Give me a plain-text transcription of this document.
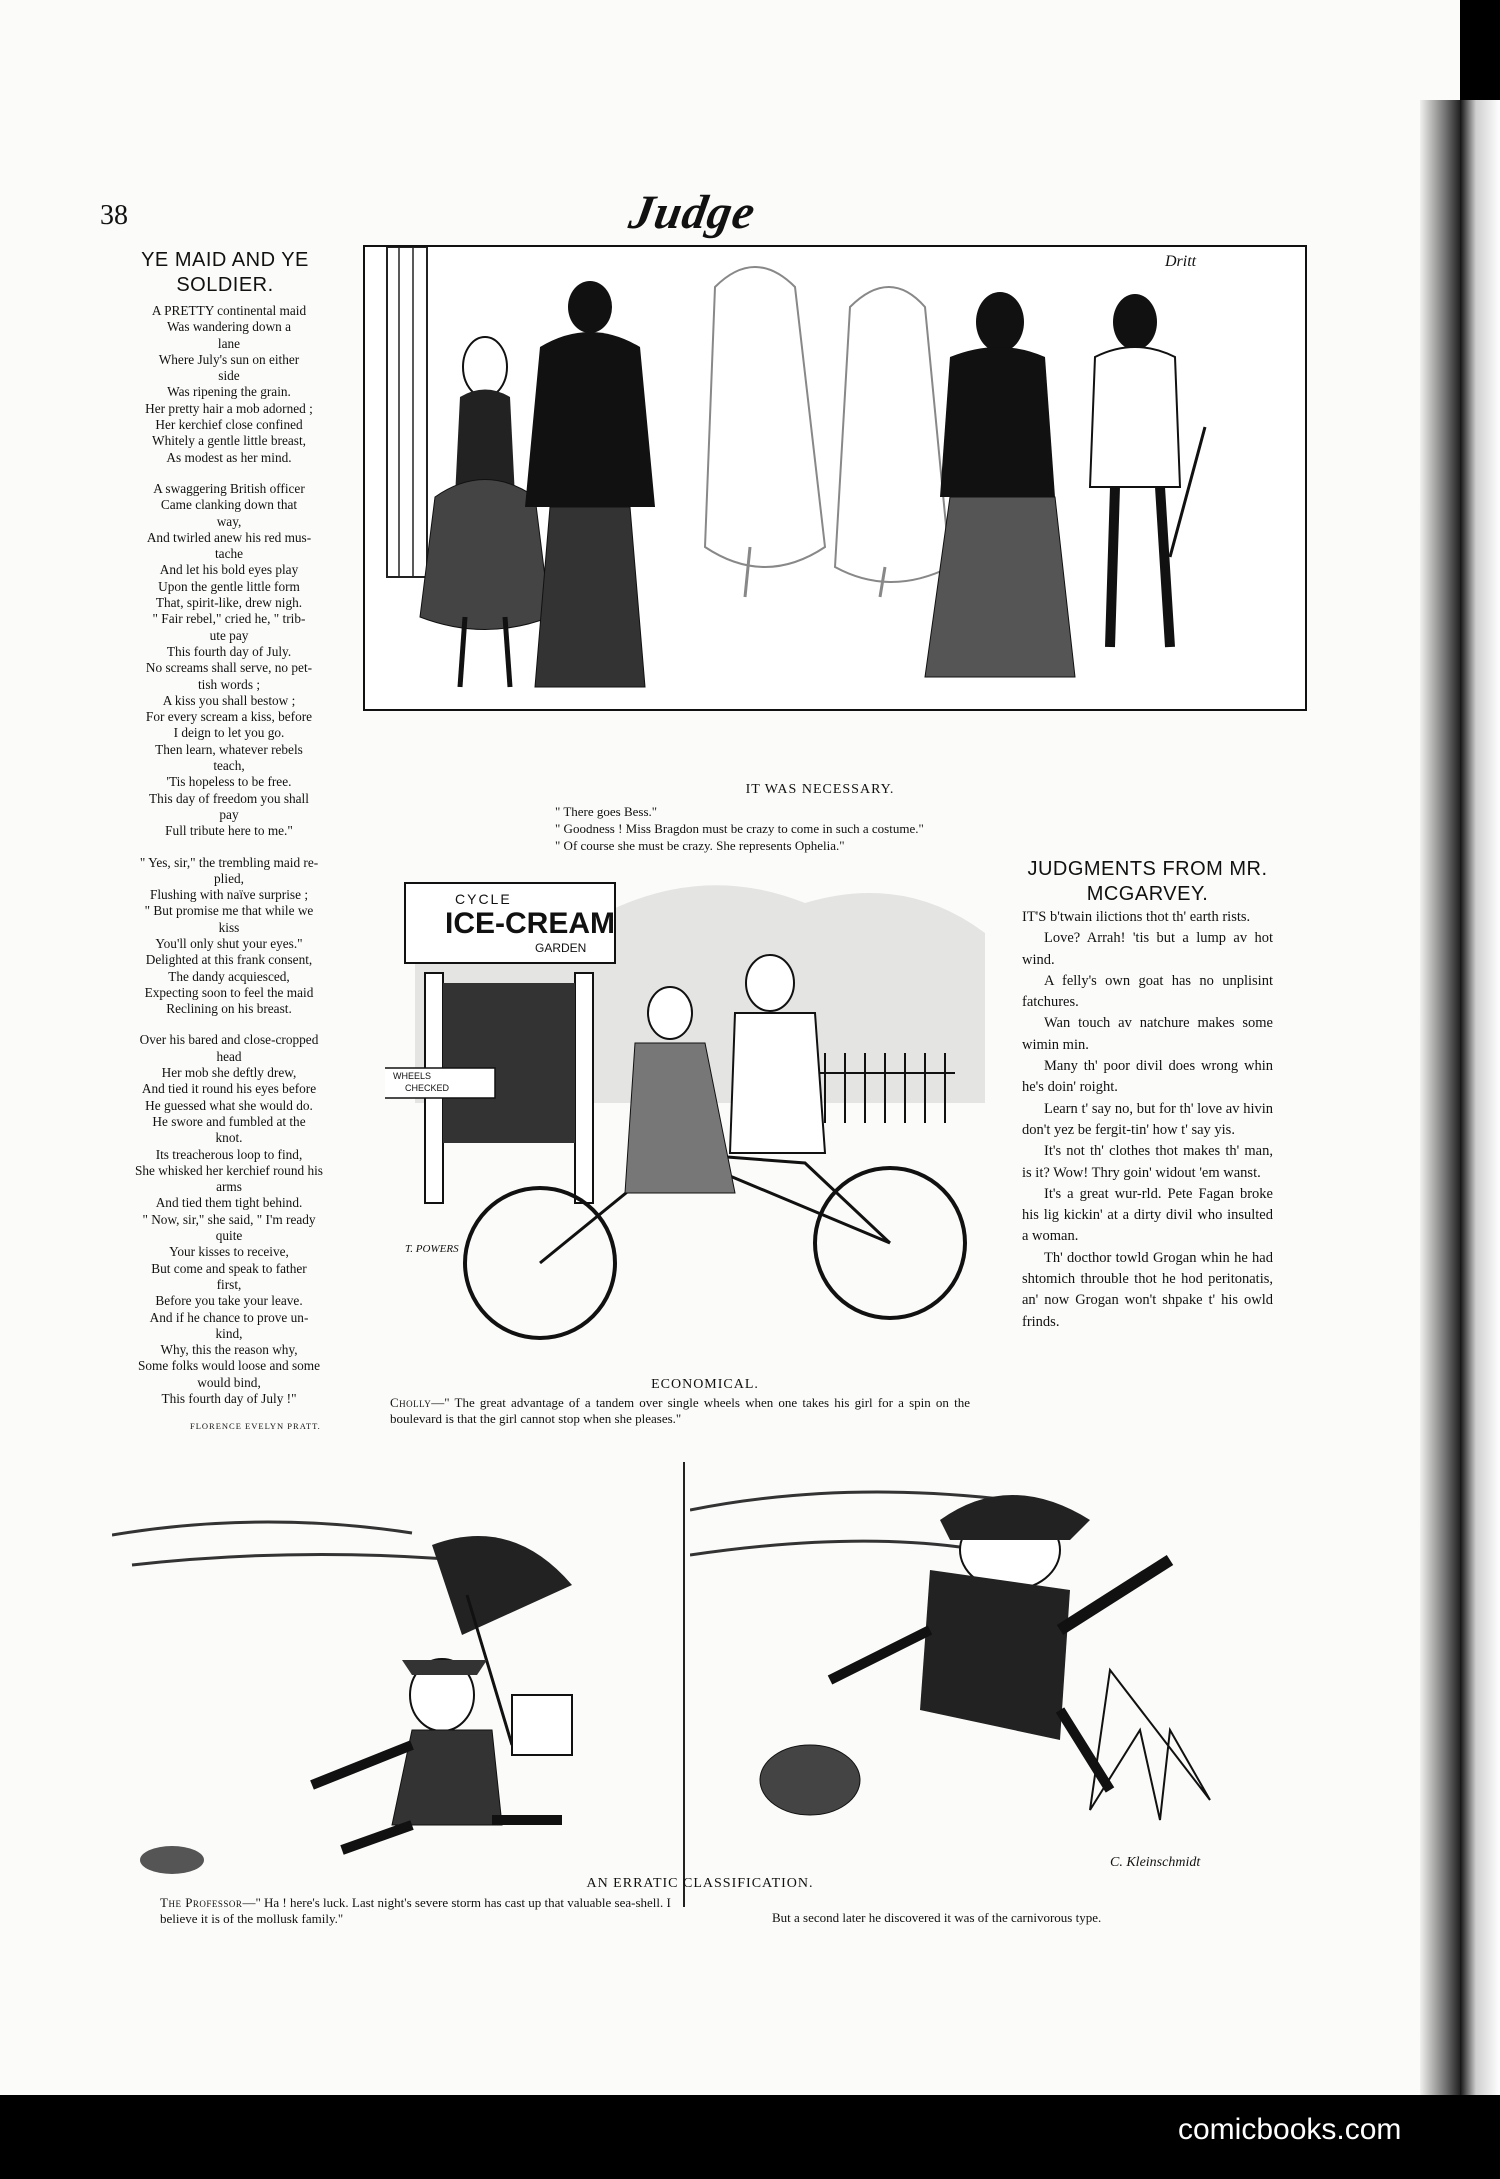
38	Judge
YE MAID AND YE SOLDIER.
A PRETTY continental maid
Was wandering down a
lane
Where July's sun on either
side
Was ripening the grain.
Her pretty hair a mob adorned ;
Her kerchief close confined
Whitely a gentle little breast,
As modest as her mind.
A swaggering British officer
Came clanking down that
way,
And twirled anew his red mus-
tache
And let his bold eyes play
Upon the gentle little form
That, spirit-like, drew nigh.
" Fair rebel," cried he, " trib-
ute pay
This fourth day of July.
No screams shall serve, no pet-
tish words ;
A kiss you shall bestow ;
For every scream a kiss, before
I deign to let you go.
Then learn, whatever rebels
teach,
'Tis hopeless to be free.
This day of freedom you shall
pay
Full tribute here to me."
" Yes, sir," the trembling maid re-
plied,
Flushing with naïve surprise ;
" But promise me that while we
kiss
You'll only shut your eyes."
Delighted at this frank consent,
The dandy acquiesced,
Expecting soon to feel the maid
Reclining on his breast.
Over his bared and close-cropped
head
Her mob she deftly drew,
And tied it round his eyes before
He guessed what she would do.
He swore and fumbled at the
knot.
Its treacherous loop to find,
She whisked her kerchief round his
arms
And tied them tight behind.
" Now, sir," she said, " I'm ready
quite
Your kisses to receive,
But come and speak to father
first,
Before you take your leave.
And if he chance to prove un-
kind,
Why, this the reason why,
Some folks would loose and some
would bind,
This fourth day of July !"
FLORENCE EVELYN PRATT.
Dritt
IT WAS NECESSARY.
" There goes Bess."
" Goodness ! Miss Bragdon must be crazy to come in such a costume."
" Of course she must be crazy. She represents Ophelia."
CYCLE
ICE-CREAM
GARDEN
WHEELS
CHECKED
T. POWERS
ECONOMICAL.
Cholly—" The great advantage of a tandem over single wheels when one takes his girl for a spin on the boulevard is that the girl cannot stop when she pleases."
JUDGMENTS FROM MR. MCGARVEY.

IT'S b'twain ilictions thot th' earth rists.

Love? Arrah! 'tis but a lump av hot wind.

A felly's own goat has no unplisint fatchures.

Wan touch av natchure makes some wimin min.

Many th' poor divil does wrong whin he's doin' roight.

Learn t' say no, but for th' love av hivin don't yez be fergit-tin' how t' say yis.

It's not th' clothes thot makes th' man, is it? Wow! Thry goin' widout 'em wanst.

It's a great wur-rld. Pete Fagan broke his lig kickin' at a dirty divil who insulted a woman.

Th' docthor towld Grogan whin he had shtomich throuble thot he hod peritonatis, an' now Grogan won't shpake t' his owld frinds.

C. Kleinschmidt
AN ERRATIC CLASSIFICATION.
The Professor—" Ha ! here's luck. Last night's severe storm has cast up that valuable sea-shell. I believe it is of the mollusk family."	But a second later he discovered it was of the carnivorous type.
comicbooks.com
